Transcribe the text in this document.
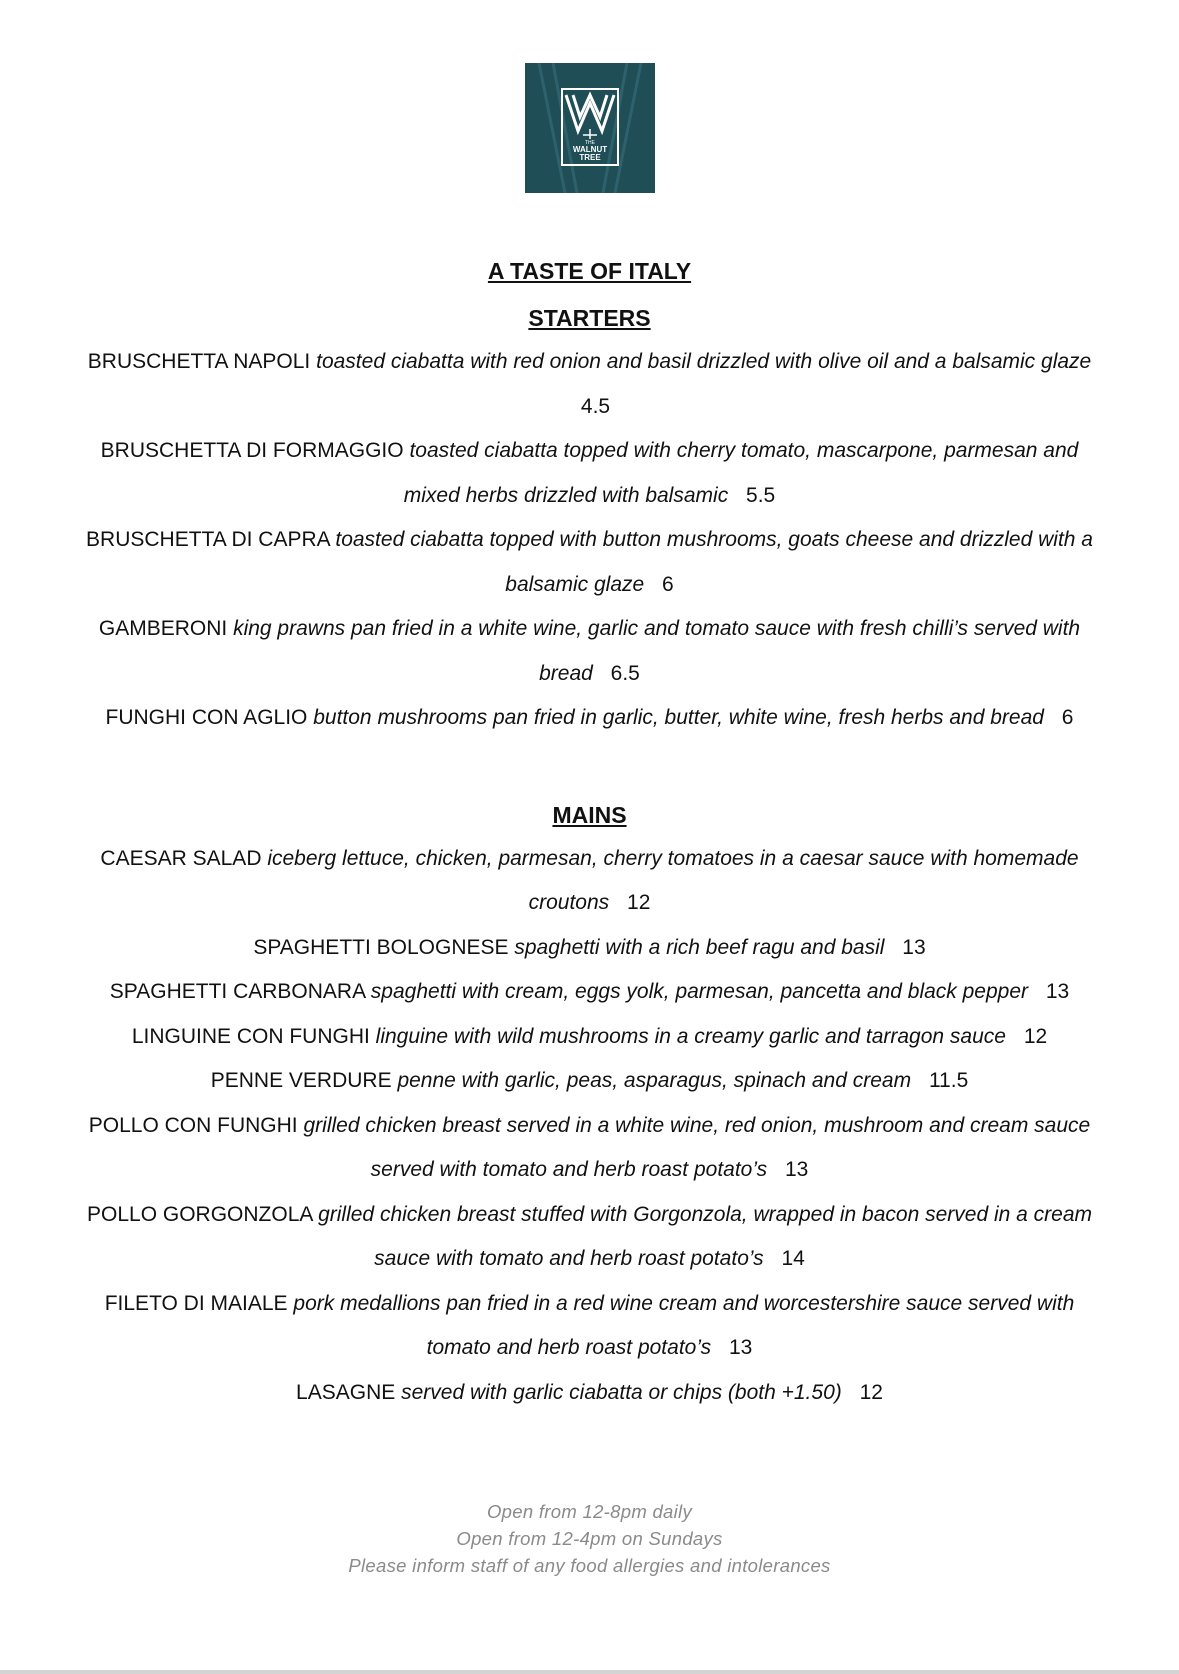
THE
WALNUT
TREE
A TASTE OF ITALY
STARTERS

BRUSCHETTA NAPOLI toasted ciabatta with red onion and basil drizzled with olive oil and a balsamic glaze 4.5

BRUSCHETTA DI FORMAGGIO toasted ciabatta topped with cherry tomato, mascarpone, parmesan and mixed herbs drizzled with balsamic 5.5

BRUSCHETTA DI CAPRA toasted ciabatta topped with button mushrooms, goats cheese and drizzled with a balsamic glaze 6

GAMBERONI king prawns pan fried in a white wine, garlic and tomato sauce with fresh chilli’s served with bread 6.5

FUNGHI CON AGLIO button mushrooms pan fried in garlic, butter, white wine, fresh herbs and bread 6

MAINS

CAESAR SALAD iceberg lettuce, chicken, parmesan, cherry tomatoes in a caesar sauce with homemade croutons 12

SPAGHETTI BOLOGNESE spaghetti with a rich beef ragu and basil 13

SPAGHETTI CARBONARA spaghetti with cream, eggs yolk, parmesan, pancetta and black pepper 13

LINGUINE CON FUNGHI linguine with wild mushrooms in a creamy garlic and tarragon sauce 12

PENNE VERDURE penne with garlic, peas, asparagus, spinach and cream 11.5

POLLO CON FUNGHI grilled chicken breast served in a white wine, red onion, mushroom and cream sauce served with tomato and herb roast potato’s 13

POLLO GORGONZOLA grilled chicken breast stuffed with Gorgonzola, wrapped in bacon served in a cream sauce with tomato and herb roast potato’s 14

FILETO DI MAIALE pork medallions pan fried in a red wine cream and worcestershire sauce served with tomato and herb roast potato’s 13

LASAGNE served with garlic ciabatta or chips (both +1.50) 12

Open from 12-8pm daily
Open from 12-4pm on Sundays
Please inform staff of any food allergies and intolerances
